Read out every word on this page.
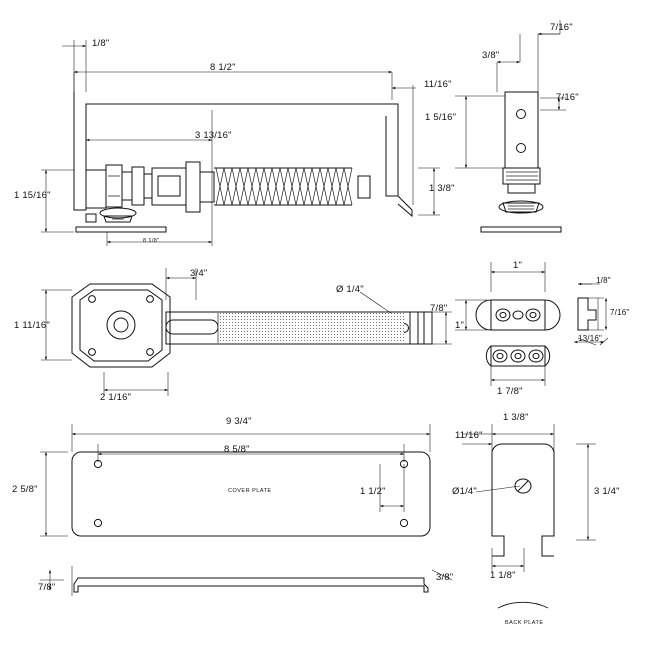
1/8"
8 1/2"
11/16"
3 13/16"
1 15/16"
1 3/8"
8 1/8"
7/16"
3/8"
7/16"
1 5/16"
3/4"
1 11/16"
2 1/16"
Ø 1/4"
1"
1"
7/8"
1 7/8"
1/8"
7/16"
13/16"
9 3/4"
8 5/8"
2 5/8"	1 1/2"
COVER PLATE
7/8"
3/8"
1 3/8"
11/16"
Ø1/4"	3 1/4"
1 1/8"
BACK PLATE
